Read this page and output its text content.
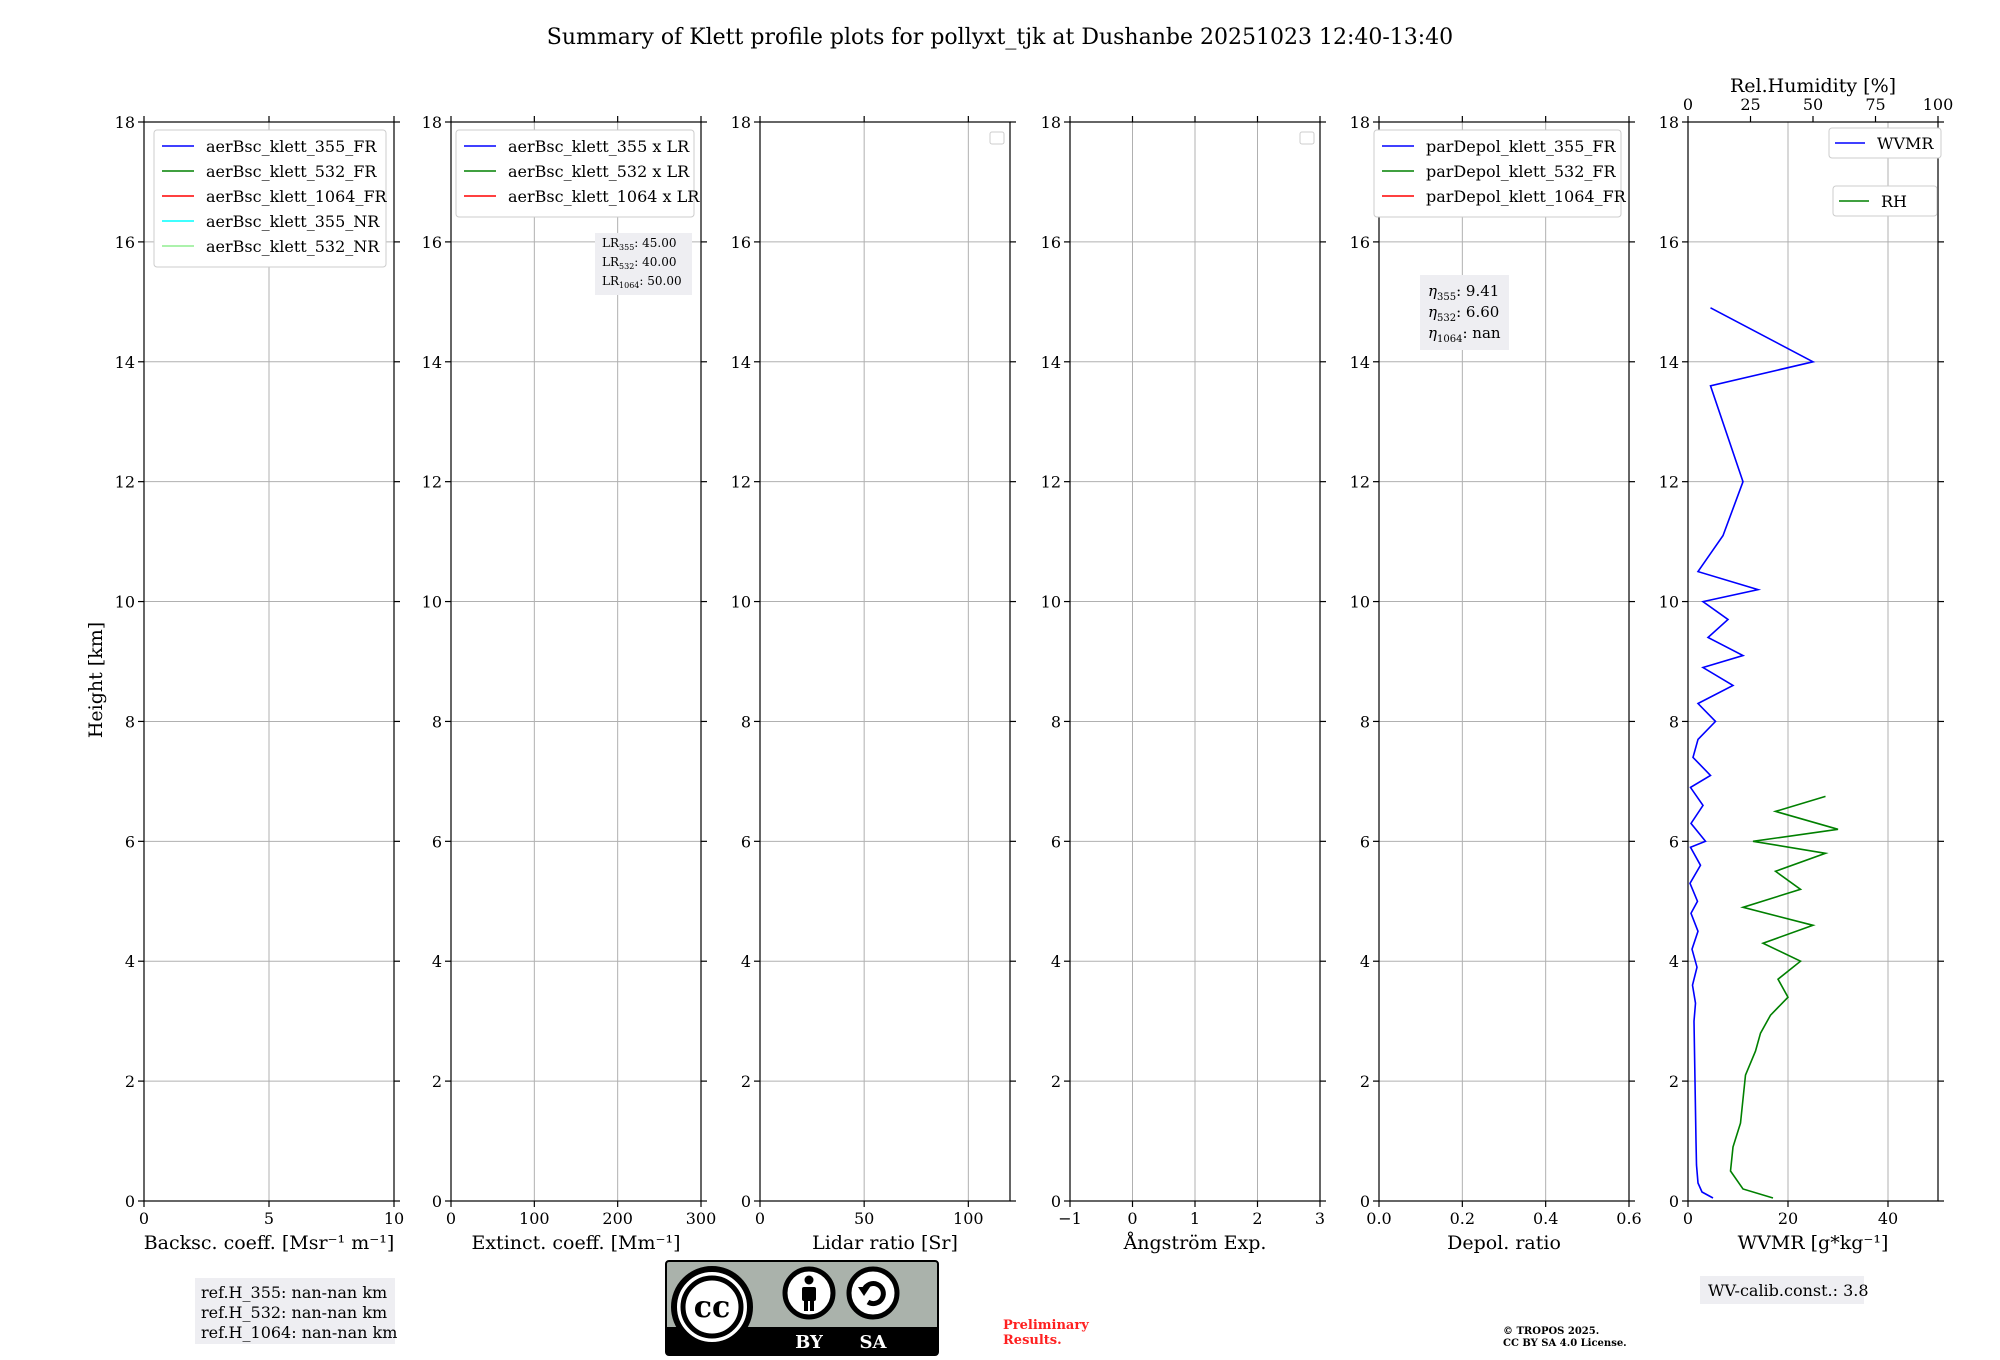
Summary of Klett profile plots for pollyxt_tjk at Dushanbe 20251023 12:40-13:40
Height [km]
0
2
4
6
8
10
12
14
16
18
0	5	10
Backsc. coeff. [Msr⁻¹ m⁻¹]
aerBsc_klett_355_FR
aerBsc_klett_532_FR
aerBsc_klett_1064_FR
aerBsc_klett_355_NR
aerBsc_klett_532_NR
0
2
4
6
8
10
12
14
16
18
0	100	200	300
Extinct. coeff. [Mm⁻¹]
aerBsc_klett_355 x LR
aerBsc_klett_532 x LR
aerBsc_klett_1064 x LR
0
2
4
6
8
10
12
14
16
18
0	50	100
Lidar ratio [Sr]
0
2
4
6
8
10
12
14
16
18
−1	0	1	2	3
Ångström Exp.
0
2
4
6
8
10
12
14
16
18
0.0	0.2	0.4	0.6
Depol. ratio
parDepol_klett_355_FR
parDepol_klett_532_FR
parDepol_klett_1064_FR
0
2
4
6
8
10
12
14
16
18
0	20	40
0	25	50	75 100
Rel.Humidity [%]
WVMR [g*kg⁻¹]
WVMR
RH
$LR_{355}$: 45.00
$LR_{532}$: 40.00
$LR_{1064}$: 50.00
$\eta_{355}$: 9.41
$\eta_{532}$: 6.60
$\eta_{1064}$: nan
ref.H_355: nan-nan km
ref.H_532: nan-nan km
ref.H_1064: nan-nan km
cc
BY SA
Preliminary
Results.
© TROPOS 2025.
CC BY SA 4.0 License.
WV-calib.const.: 3.8
